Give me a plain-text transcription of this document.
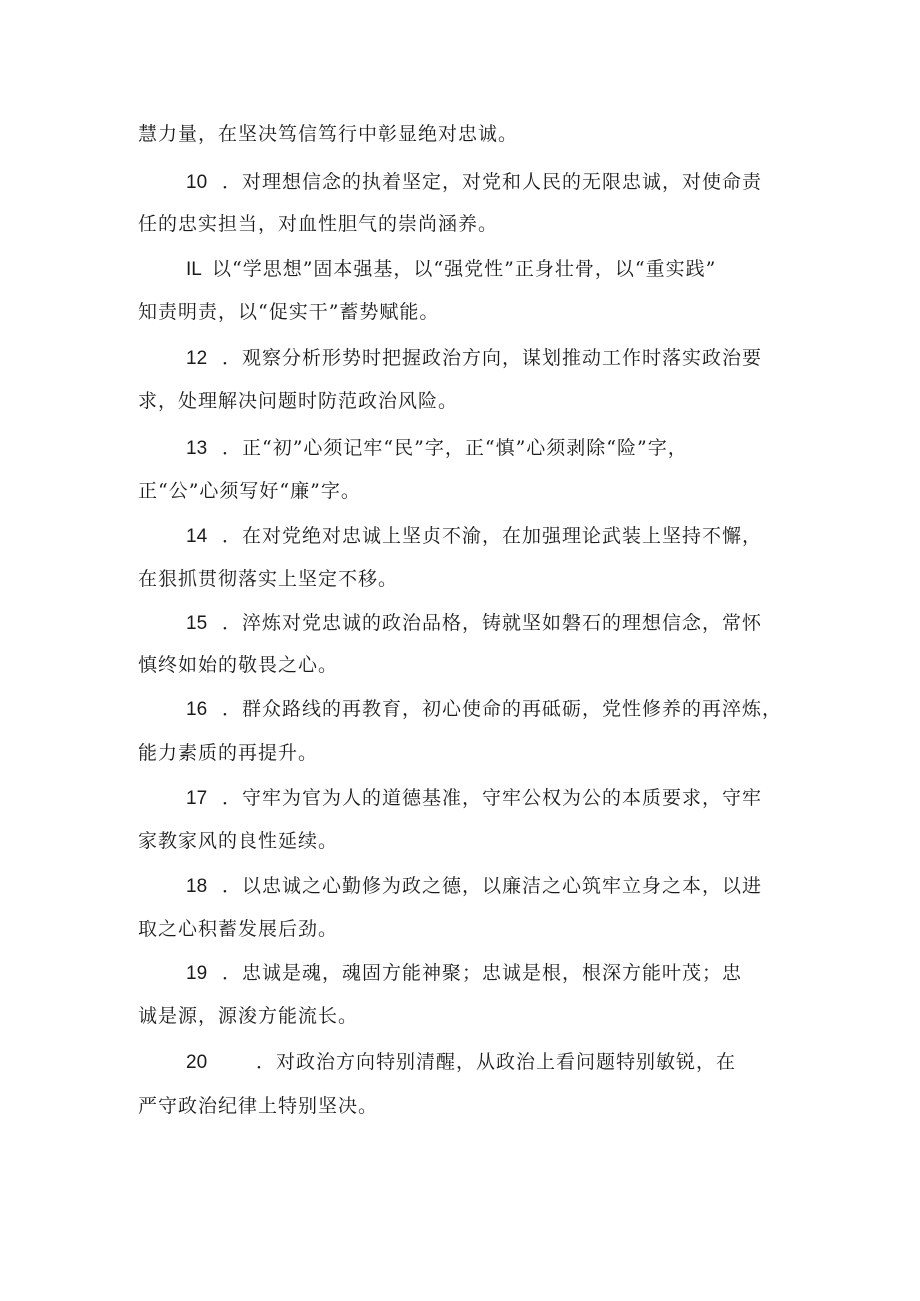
慧力量，在坚决笃信笃行中彰显绝对忠诚。
10 ．对理想信念的执着坚定，对党和人民的无限忠诚，对使命责
任的忠实担当，对血性胆气的崇尚涵养。
IL 以“学思想”固本强基，以“强党性”正身壮骨，以“重实践”
知责明责，以“促实干”蓄势赋能。
12 ．观察分析形势时把握政治方向，谋划推动工作时落实政治要
求，处理解决问题时防范政治风险。
13 ．正“初”心须记牢“民”字，正“慎”心须剥除“险”字，
正“公”心须写好“廉”字。
14 ．在对党绝对忠诚上坚贞不渝，在加强理论武装上坚持不懈，
在狠抓贯彻落实上坚定不移。
15 ．淬炼对党忠诚的政治品格，铸就坚如磐石的理想信念，常怀
慎终如始的敬畏之心。
16 ．群众路线的再教育，初心使命的再砥砺，党性修养的再淬炼，
能力素质的再提升。
17 ．守牢为官为人的道德基准，守牢公权为公的本质要求，守牢
家教家风的良性延续。
18 ．以忠诚之心勤修为政之德，以廉洁之心筑牢立身之本，以进
取之心积蓄发展后劲。
19 ．忠诚是魂，魂固方能神聚；忠诚是根，根深方能叶茂；忠
诚是源，源浚方能流长。
20	．对政治方向特别清醒，从政治上看问题特别敏锐，在
严守政治纪律上特别坚决。
